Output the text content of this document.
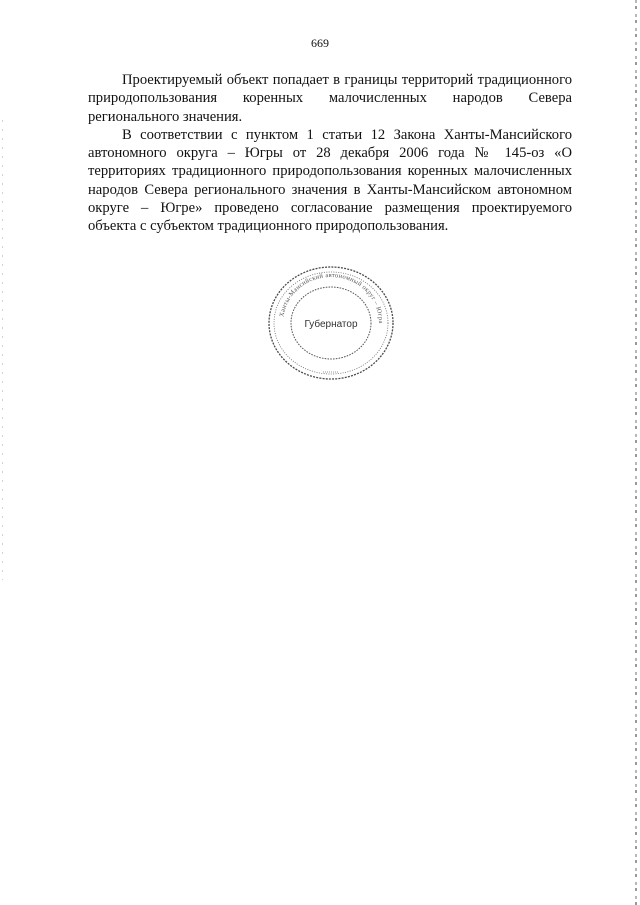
669

Проектируемый объект попадает в границы территорий традиционного природопользования коренных малочисленных народов Севера регионального значения.

В соответствии с пунктом 1 статьи 12 Закона Ханты-Мансийского автономного округа – Югры от 28 декабря 2006 года № 145-оз «О территориях традиционного природопользования коренных малочисленных народов Севера регионального значения в Ханты-Мансийском автономном округе – Югре» проведено согласование размещения проектируемого объекта с субъектом традиционного природопользования.

Ханты-Мансийский автономный округ – Югра
Губернатор
